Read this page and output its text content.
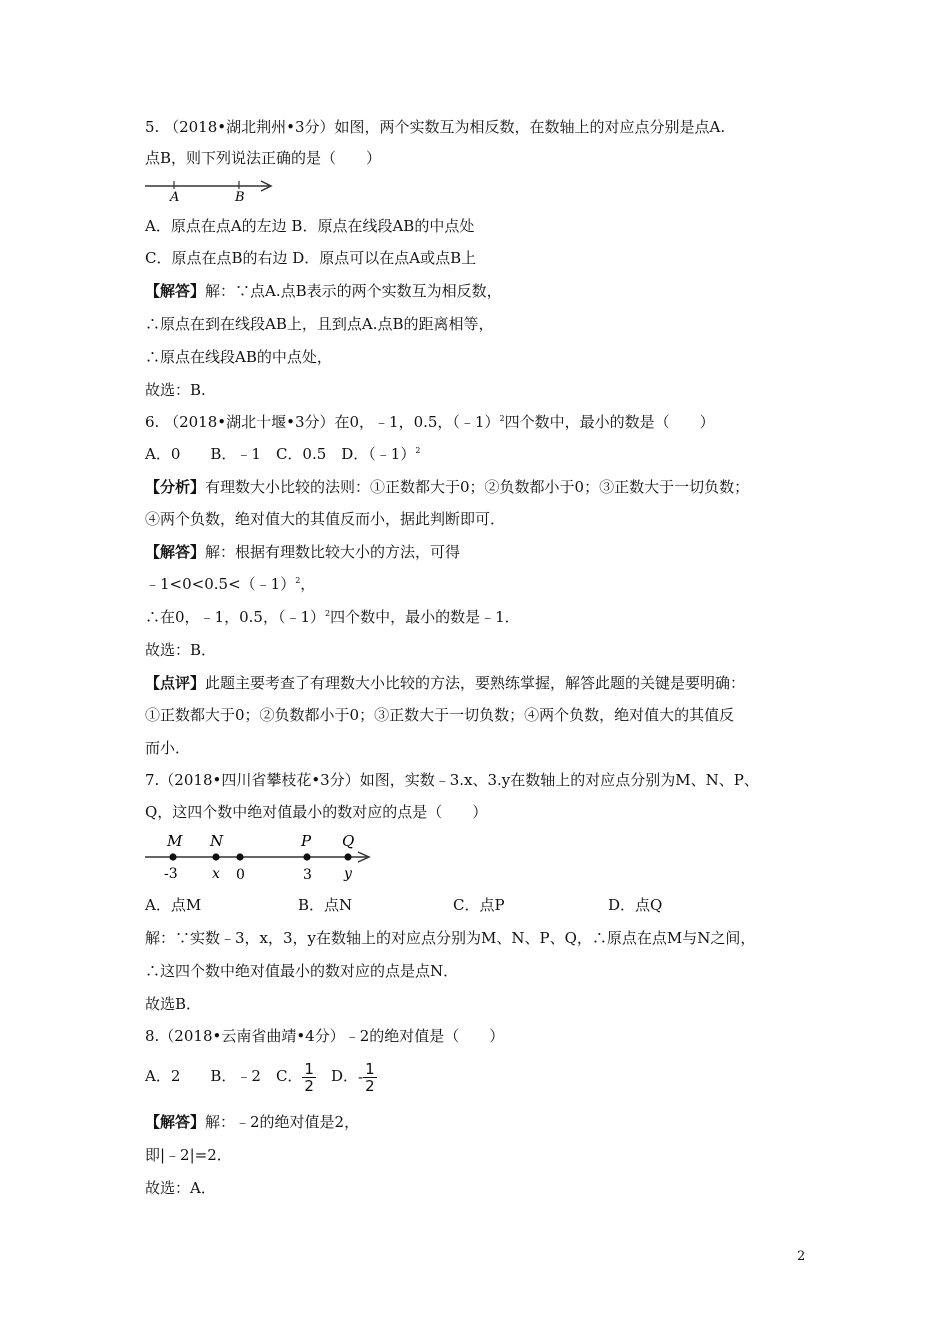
5. （2018•湖北荆州•3分）如图，两个实数互为相反数，在数轴上的对应点分别是点A.
点B，则下列说法正确的是（　　）
A	B
A．原点在点A的左边 B．原点在线段AB的中点处
C．原点在点B的右边 D．原点可以在点A或点B上
【解答】解：∵点A.点B表示的两个实数互为相反数，
∴原点在到在线段AB上，且到点A.点B的距离相等，
∴原点在线段AB的中点处，
故选：B.
6. （2018•湖北十堰•3分）在0，﹣1，0.5，（﹣1）$^2$四个数中，最小的数是（　　）
A．0　　B．﹣1　C．0.5　D．（﹣1）$^2$
【分析】有理数大小比较的法则：①正数都大于0；②负数都小于0；③正数大于一切负数；
④两个负数，绝对值大的其值反而小，据此判断即可．
【解答】解：根据有理数比较大小的方法，可得
﹣1<0<0.5<（﹣1）$^2$，
∴在0，﹣1，0.5，（﹣1）$^2$四个数中，最小的数是﹣1．
故选：B．
【点评】此题主要考查了有理数大小比较的方法，要熟练掌握，解答此题的关键是要明确：
①正数都大于0；②负数都小于0；③正数大于一切负数；④两个负数，绝对值大的其值反
而小．
7.（2018•四川省攀枝花•3分）如图，实数﹣3.x、3.y在数轴上的对应点分别为M、N、P、
Q，这四个数中绝对值最小的数对应的点是（　　）
M N	P Q
-3 x 0	3 y
A．点M	B．点N	C．点P	D．点Q
解：∵实数﹣3，x，3，y在数轴上的对应点分别为M、N、P、Q，∴原点在点M与N之间，
∴这四个数中绝对值最小的数对应的点是点N．
故选B．
8.（2018•云南省曲靖•4分）﹣2的绝对值是（　　）
A．2　　B．﹣2　C． $\frac{1}{2}$ 　D．- $\frac{1}{2}$
【解答】解：﹣2的绝对值是2，
即|﹣2|=2．
故选：A．
2
